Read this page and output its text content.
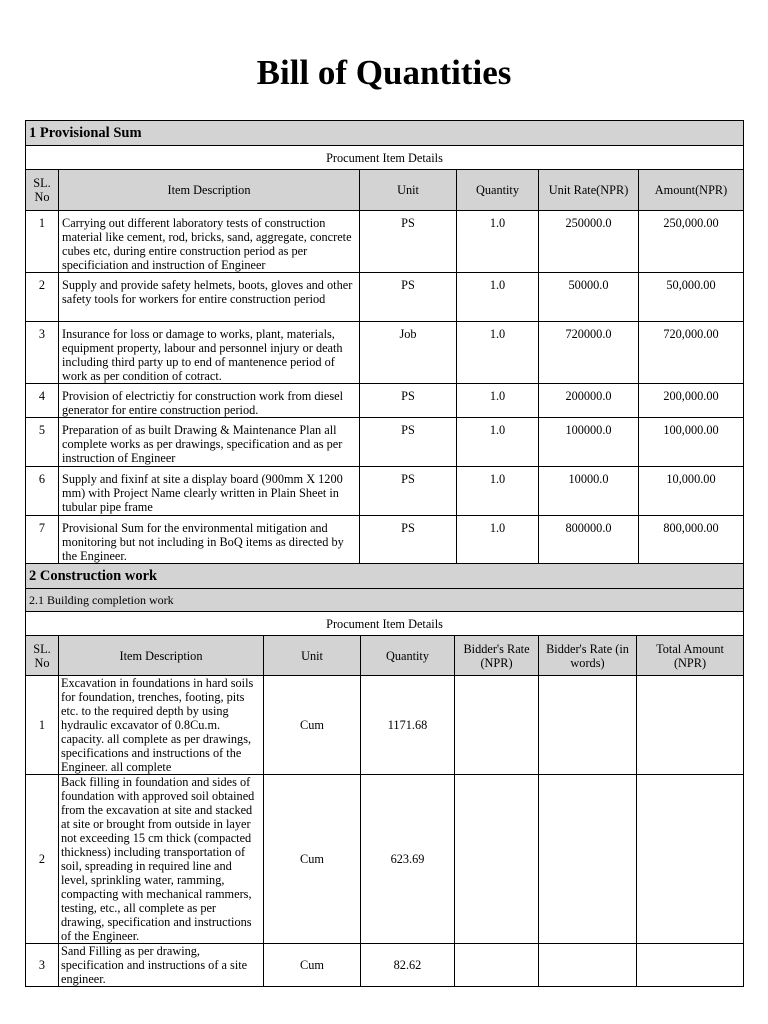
Bill of Quantities
1 Provisional Sum					
Procument Item Details					
SL. No	Item Description	Unit	Quantity	Unit Rate(NPR)	Amount(NPR)
1	Carrying out different laboratory tests of construction material like cement, rod, bricks, sand, aggregate, concrete cubes etc, during entire construction period as per specificiation and instruction of Engineer	PS	1.0	250000.0	250,000.00
2	Supply and provide safety helmets, boots, gloves and other safety tools for workers for entire construction period	PS	1.0	50000.0	50,000.00
3	Insurance for loss or damage to works, plant, materials, equipment property, labour and personnel injury or death including third party up to end of mantenence period of work as per condition of cotract.	Job	1.0	720000.0	720,000.00
4	Provision of electrictiy for construction work from diesel generator for entire construction period.	PS	1.0	200000.0	200,000.00
5	Preparation of as built Drawing & Maintenance Plan all complete works as per drawings, specification and as per instruction of Engineer	PS	1.0	100000.0	100,000.00
6	Supply and fixinf at site a display board (900mm X 1200 mm) with Project Name clearly written in Plain Sheet in tubular pipe frame	PS	1.0	10000.0	10,000.00
7	Provisional Sum for the environmental mitigation and monitoring but not including in BoQ items as directed by the Engineer.	PS	1.0	800000.0	800,000.00
2 Construction work						
2.1 Building completion work						
Procument Item Details						
SL. No	Item Description	Unit	Quantity	Bidder's Rate (NPR)	Bidder's Rate (in words)	Total Amount (NPR)
1	Excavation in foundations in hard soils for foundation, trenches, footing, pits etc. to the required depth by using hydraulic excavator of 0.8Cu.m. capacity. all complete as per drawings, specifications and instructions of the Engineer. all complete	Cum	1171.68			
2	Back filling in foundation and sides of foundation with approved soil obtained from the excavation at site and stacked at site or brought from outside in layer not exceeding 15 cm thick (compacted thickness) including transportation of soil, spreading in required line and level, sprinkling water, ramming, compacting with mechanical rammers, testing, etc., all complete as per drawing, specification and instructions of the Engineer.	Cum	623.69			
3	Sand Filling as per drawing, specification and instructions of a site engineer.	Cum	82.62			
